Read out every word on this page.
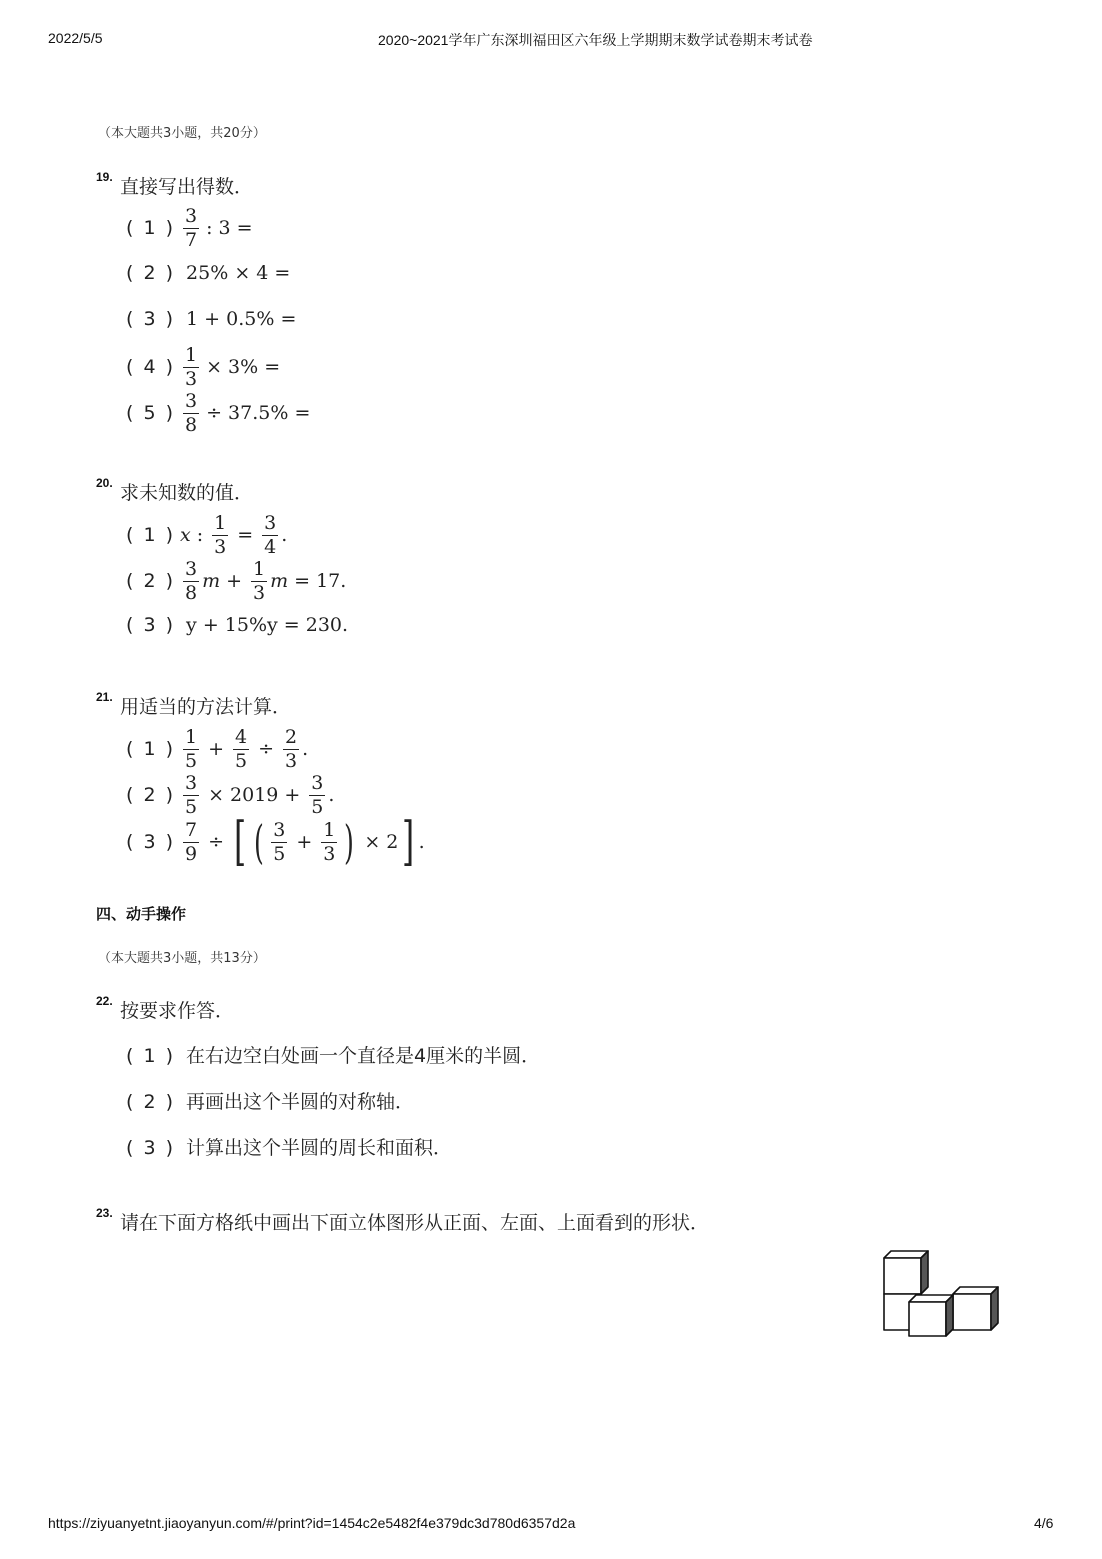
2022/5/5	2020~2021学年广东深圳福田区六年级上学期期末数学试卷期末考试卷
（本大题共3小题，共20分）
19. 直接写出得数．
( 1 ) $\frac{3}{7}$ : 3 =
( 2 ) 25% × 4 =
( 3 ) 1 + 0.5% =
( 4 ) $\frac{1}{3} \times 3\%$ =
( 5 ) $\frac{3}{8} \div 37.5\%$ =
20. 求未知数的值．
( 1 ) x : $\frac{1}{3} = \frac{3}{4}$ .
( 2 ) $\frac{3}{8}$ $m + \frac{1}{3}$ m = 17.
( 3 ) y + 15%y = 230.
21. 用适当的方法计算．
( 1 ) $\frac{1}{5} + \frac{4}{5} \div \frac{2}{3}$ .
( 2 ) $\frac{3}{5} \times 2019 + \frac{3}{5}$ .
( 3 ) $\frac{7}{9}$ ÷ [ ( $\frac{3}{5} + \frac{1}{3}$ ) × 2 ] .
四、动手操作
（本大题共3小题，共13分）
22. 按要求作答．
( 1 ) 在右边空白处画一个直径是4厘米的半圆．
( 2 ) 再画出这个半圆的对称轴．
( 3 ) 计算出这个半圆的周长和面积．
23. 请在下面方格纸中画出下面立体图形从正面、左面、上面看到的形状．
https://ziyuanyetnt.jiaoyanyun.com/#/print?id=1454c2e5482f4e379dc3d780d6357d2a	4/6
